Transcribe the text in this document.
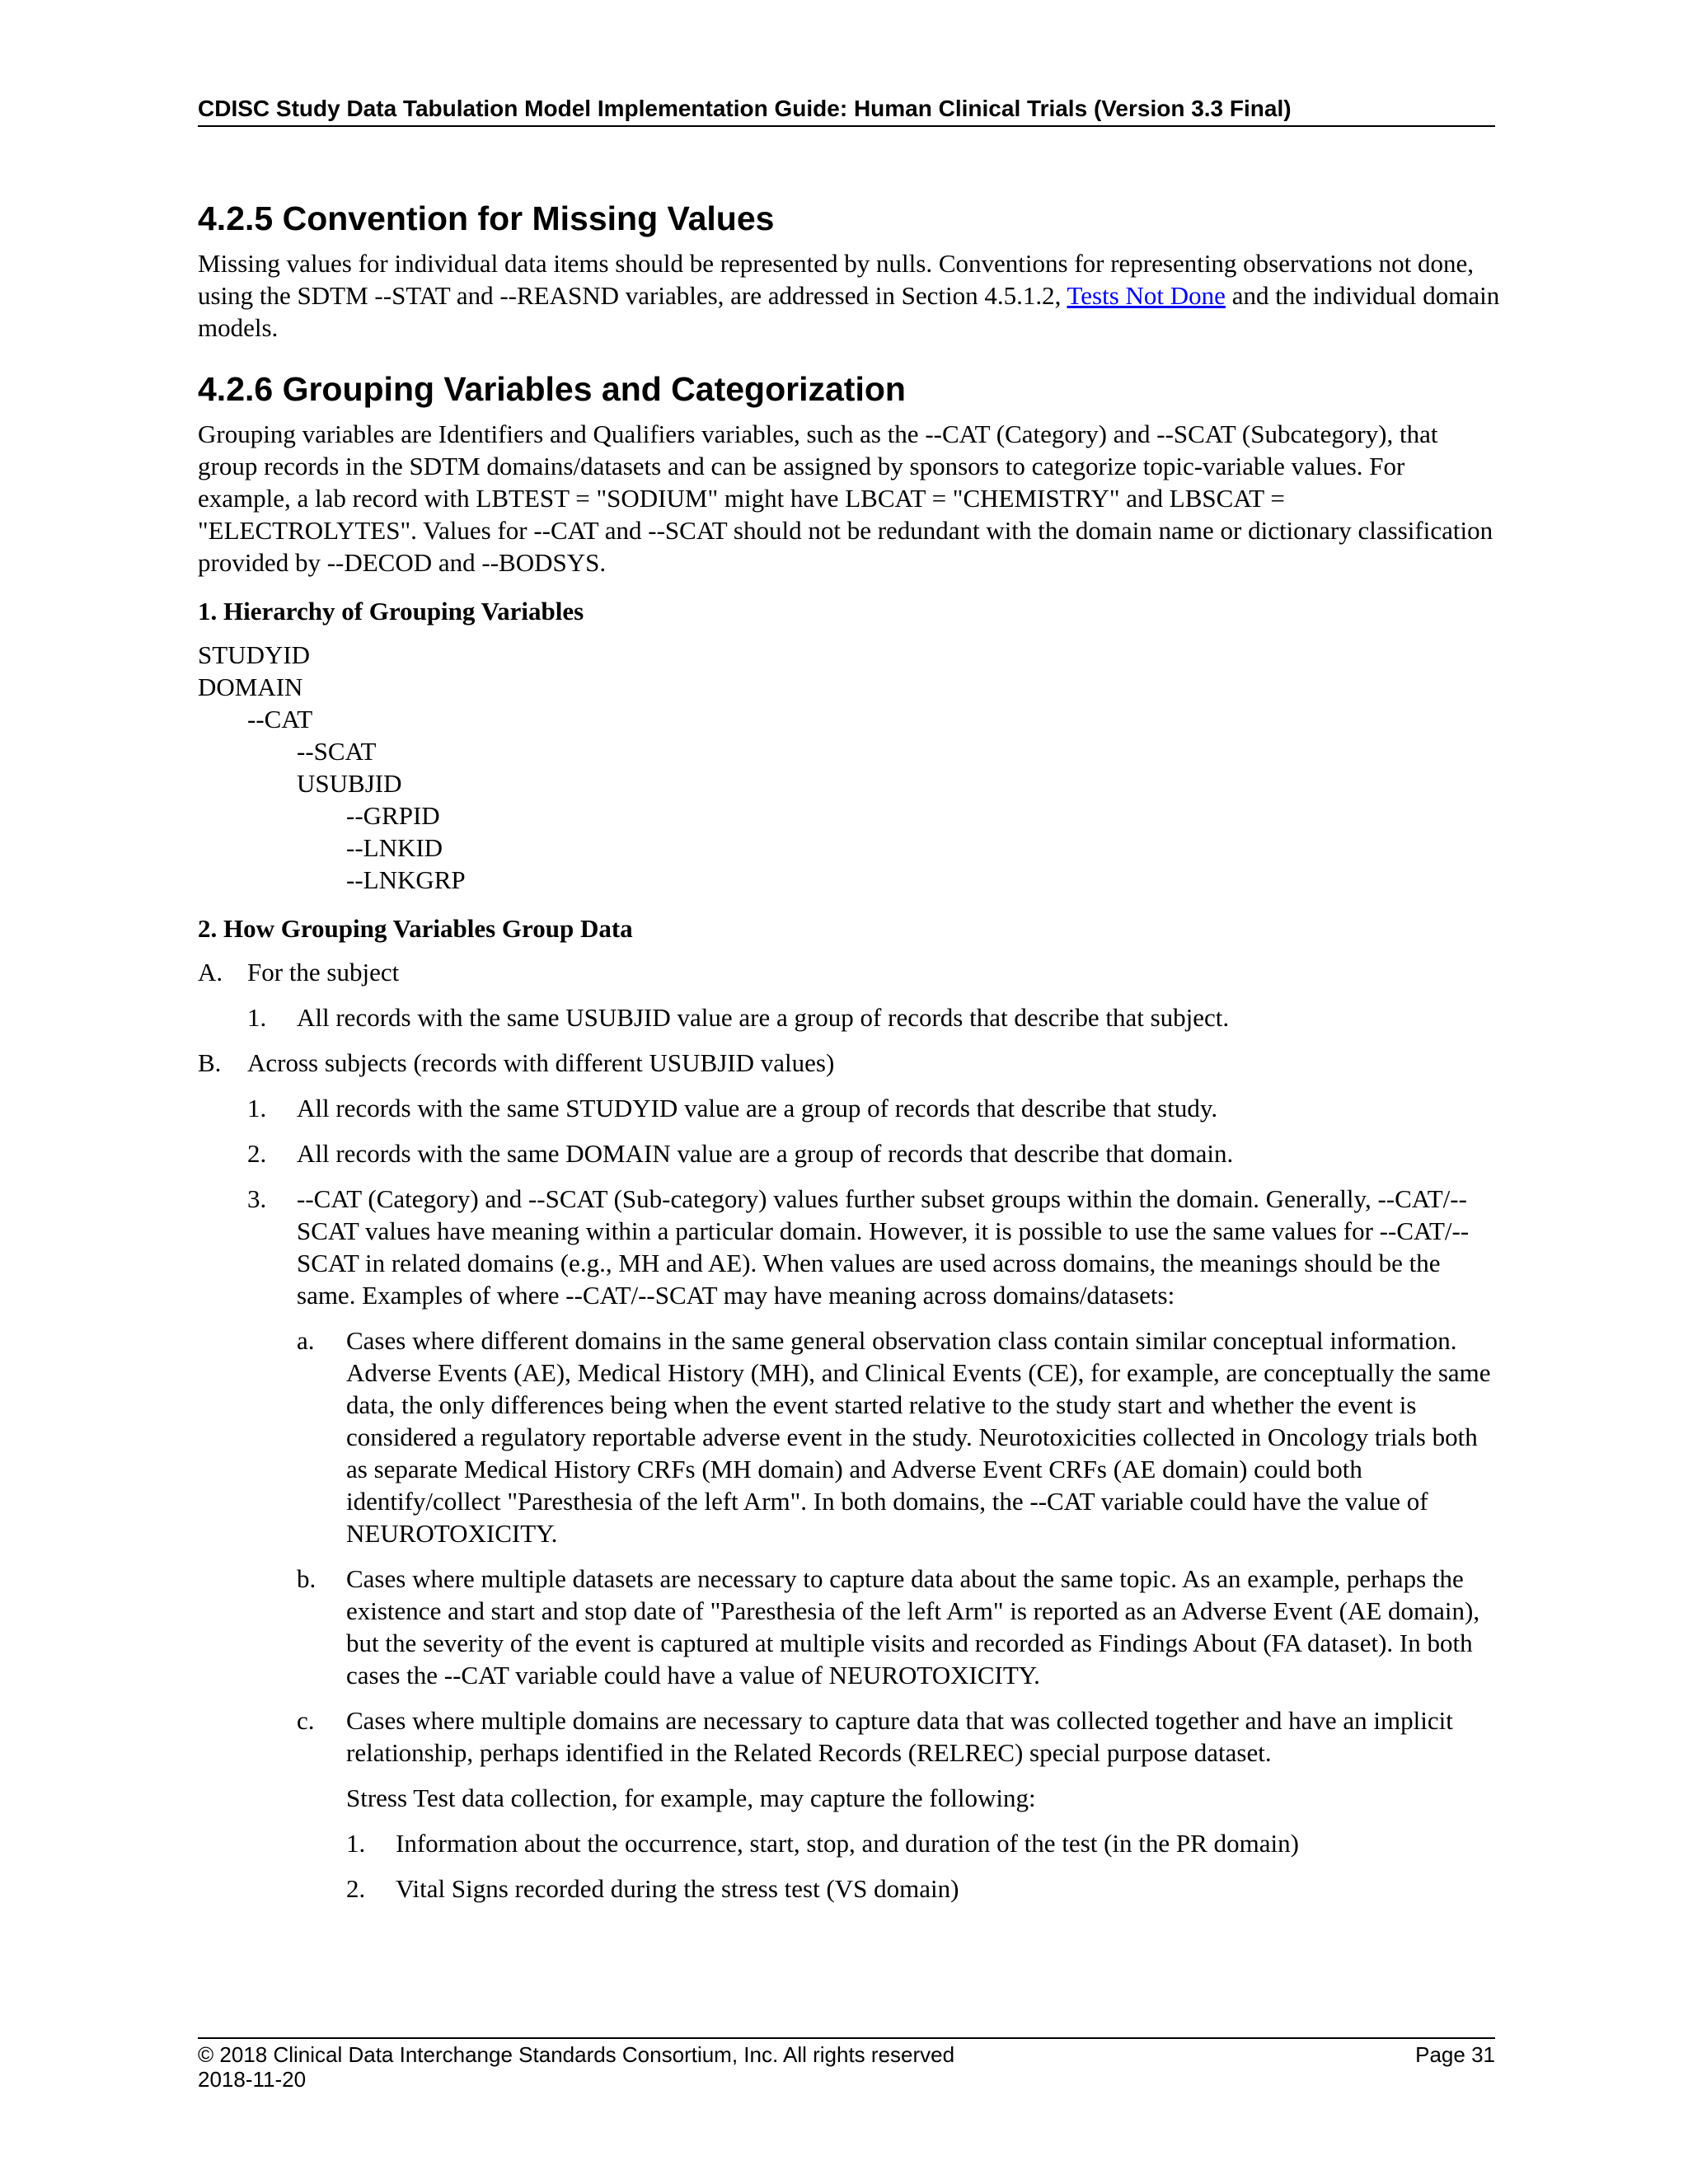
CDISC Study Data Tabulation Model Implementation Guide: Human Clinical Trials (Version 3.3 Final)
4.2.5 Convention for Missing Values

Missing values for individual data items should be represented by nulls. Conventions for representing observations not done, using the SDTM --STAT and --REASND variables, are addressed in Section 4.5.1.2, Tests Not Done and the individual domain models.

4.2.6 Grouping Variables and Categorization

Grouping variables are Identifiers and Qualifiers variables, such as the --CAT (Category) and --SCAT (Subcategory), that group records in the SDTM domains/datasets and can be assigned by sponsors to categorize topic-variable values. For example, a lab record with LBTEST = "SODIUM" might have LBCAT = "CHEMISTRY" and LBSCAT = "ELECTROLYTES". Values for --CAT and --SCAT should not be redundant with the domain name or dictionary classification provided by --DECOD and --BODSYS.

1. Hierarchy of Grouping Variables
STUDYID
DOMAIN
--CAT
--SCAT
USUBJID
--GRPID
--LNKID
--LNKGRP
2. How Grouping Variables Group Data
A. For the subject
1. All records with the same USUBJID value are a group of records that describe that subject.
B. Across subjects (records with different USUBJID values)
1. All records with the same STUDYID value are a group of records that describe that study.
2. All records with the same DOMAIN value are a group of records that describe that domain.
3. --CAT (Category) and --SCAT (Sub-category) values further subset groups within the domain. Generally, --CAT/--SCAT values have meaning within a particular domain. However, it is possible to use the same values for --CAT/--SCAT in related domains (e.g., MH and AE). When values are used across domains, the meanings should be the same. Examples of where --CAT/--SCAT may have meaning across domains/datasets:
a. Cases where different domains in the same general observation class contain similar conceptual information. Adverse Events (AE), Medical History (MH), and Clinical Events (CE), for example, are conceptually the same data, the only differences being when the event started relative to the study start and whether the event is considered a regulatory reportable adverse event in the study. Neurotoxicities collected in Oncology trials both as separate Medical History CRFs (MH domain) and Adverse Event CRFs (AE domain) could both identify/collect "Paresthesia of the left Arm". In both domains, the --CAT variable could have the value of NEUROTOXICITY.
b. Cases where multiple datasets are necessary to capture data about the same topic. As an example, perhaps the existence and start and stop date of "Paresthesia of the left Arm" is reported as an Adverse Event (AE domain), but the severity of the event is captured at multiple visits and recorded as Findings About (FA dataset). In both cases the --CAT variable could have a value of NEUROTOXICITY.
c. Cases where multiple domains are necessary to capture data that was collected together and have an implicit relationship, perhaps identified in the Related Records (RELREC) special purpose dataset.
Stress Test data collection, for example, may capture the following:
1. Information about the occurrence, start, stop, and duration of the test (in the PR domain)
2. Vital Signs recorded during the stress test (VS domain)
© 2018 Clinical Data Interchange Standards Consortium, Inc. All rights reserved
2018-11-20
Page 31
